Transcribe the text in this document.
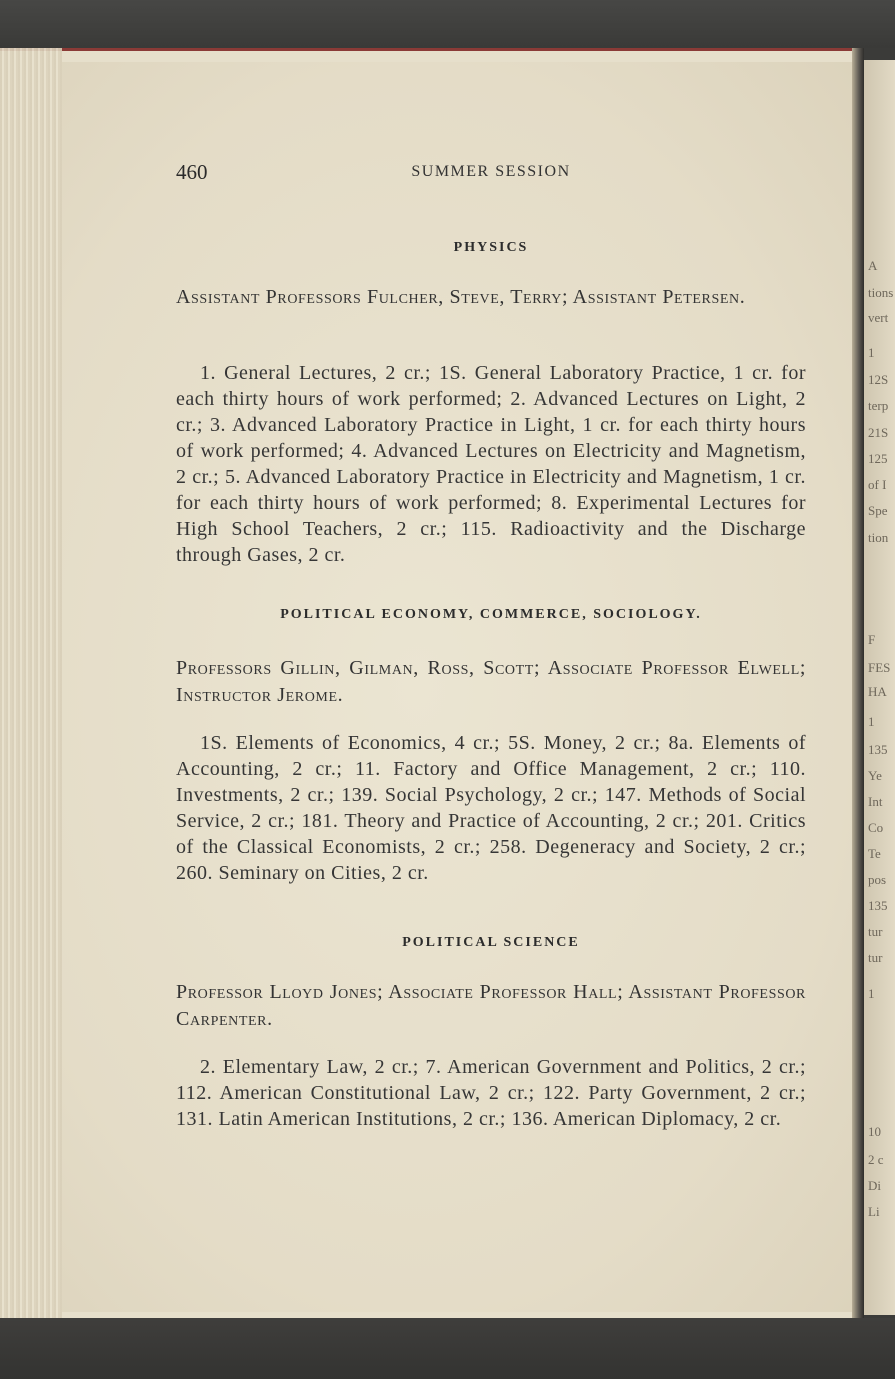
A
tions
vert
1
12S
terp
21S
125
of I
Spe
tion
F
FES
HA
1
135
Ye
Int
Co
Te
pos
135
tur
tur
1
10
2 c
Di
Li
460	SUMMER SESSION
PHYSICS
Assistant Professors Fulcher, Steve, Terry; Assistant Petersen.
1. General Lectures, 2 cr.; 1S. General Laboratory Practice, 1 cr. for each thirty hours of work performed; 2. Advanced Lectures on Light, 2 cr.; 3. Advanced Laboratory Practice in Light, 1 cr. for each thirty hours of work performed; 4. Advanced Lectures on Electricity and Magnetism, 2 cr.; 5. Advanced Laboratory Practice in Electricity and Magnetism, 1 cr. for each thirty hours of work performed; 8. Experimental Lectures for High School Teachers, 2 cr.; 115. Radioactivity and the Discharge through Gases, 2 cr.
POLITICAL ECONOMY, COMMERCE, SOCIOLOGY.
Professors Gillin, Gilman, Ross, Scott; Associate Professor Elwell; Instructor Jerome.
1S. Elements of Economics, 4 cr.; 5S. Money, 2 cr.; 8a. Elements of Accounting, 2 cr.; 11. Factory and Office Management, 2 cr.; 110. Investments, 2 cr.; 139. Social Psychology, 2 cr.; 147. Methods of Social Service, 2 cr.; 181. Theory and Practice of Accounting, 2 cr.; 201. Critics of the Classical Economists, 2 cr.; 258. Degeneracy and Society, 2 cr.; 260. Seminary on Cities, 2 cr.
POLITICAL SCIENCE
Professor Lloyd Jones; Associate Professor Hall; Assistant Professor Carpenter.
2. Elementary Law, 2 cr.; 7. American Government and Politics, 2 cr.; 112. American Constitutional Law, 2 cr.; 122. Party Government, 2 cr.; 131. Latin American Institutions, 2 cr.; 136. American Diplomacy, 2 cr.
